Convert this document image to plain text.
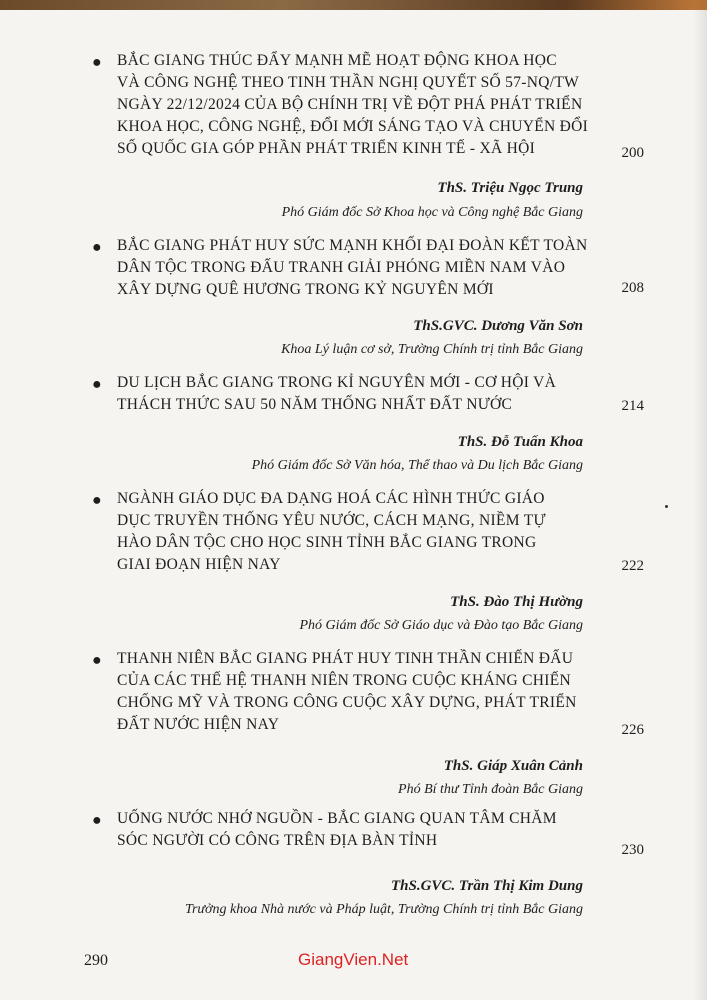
● BẮC GIANG THÚC ĐẨY MẠNH MẼ HOẠT ĐỘNG KHOA HỌC
VÀ CÔNG NGHỆ THEO TINH THẦN NGHỊ QUYẾT SỐ 57-NQ/TW
NGÀY 22/12/2024 CỦA BỘ CHÍNH TRỊ VỀ ĐỘT PHÁ PHÁT TRIỂN
KHOA HỌC, CÔNG NGHỆ, ĐỔI MỚI SÁNG TẠO VÀ CHUYỂN ĐỔI
SỐ QUỐC GIA GÓP PHẦN PHÁT TRIỂN KINH TẾ - XÃ HỘI	200
ThS. Triệu Ngọc Trung
Phó Giám đốc Sở Khoa học và Công nghệ Bắc Giang
● BẮC GIANG PHÁT HUY SỨC MẠNH KHỐI ĐẠI ĐOÀN KẾT TOÀN
DÂN TỘC TRONG ĐẤU TRANH GIẢI PHÓNG MIỀN NAM VÀO
XÂY DỰNG QUÊ HƯƠNG TRONG KỶ NGUYÊN MỚI	208
ThS.GVC. Dương Văn Sơn
Khoa Lý luận cơ sở, Trường Chính trị tỉnh Bắc Giang
● DU LỊCH BẮC GIANG TRONG KỈ NGUYÊN MỚI - CƠ HỘI VÀ
THÁCH THỨC SAU 50 NĂM THỐNG NHẤT ĐẤT NƯỚC	214
ThS. Đỗ Tuấn Khoa
Phó Giám đốc Sở Văn hóa, Thể thao và Du lịch Bắc Giang
● NGÀNH GIÁO DỤC ĐA DẠNG HOÁ CÁC HÌNH THỨC GIÁO
DỤC TRUYỀN THỐNG YÊU NƯỚC, CÁCH MẠNG, NIỀM TỰ
HÀO DÂN TỘC CHO HỌC SINH TỈNH BẮC GIANG TRONG
GIAI ĐOẠN HIỆN NAY	222
ThS. Đào Thị Hường
Phó Giám đốc Sở Giáo dục và Đào tạo Bắc Giang
● THANH NIÊN BẮC GIANG PHÁT HUY TINH THẦN CHIẾN ĐẤU
CỦA CÁC THẾ HỆ THANH NIÊN TRONG CUỘC KHÁNG CHIẾN
CHỐNG MỸ VÀ TRONG CÔNG CUỘC XÂY DỰNG, PHÁT TRIỂN
ĐẤT NƯỚC HIỆN NAY	226
ThS. Giáp Xuân Cảnh
Phó Bí thư Tỉnh đoàn Bắc Giang
● UỐNG NƯỚC NHỚ NGUỒN - BẮC GIANG QUAN TÂM CHĂM
SÓC NGƯỜI CÓ CÔNG TRÊN ĐỊA BÀN TỈNH
230
ThS.GVC. Trần Thị Kim Dung
Trưởng khoa Nhà nước và Pháp luật, Trường Chính trị tỉnh Bắc Giang
290	GiangVien.Net
